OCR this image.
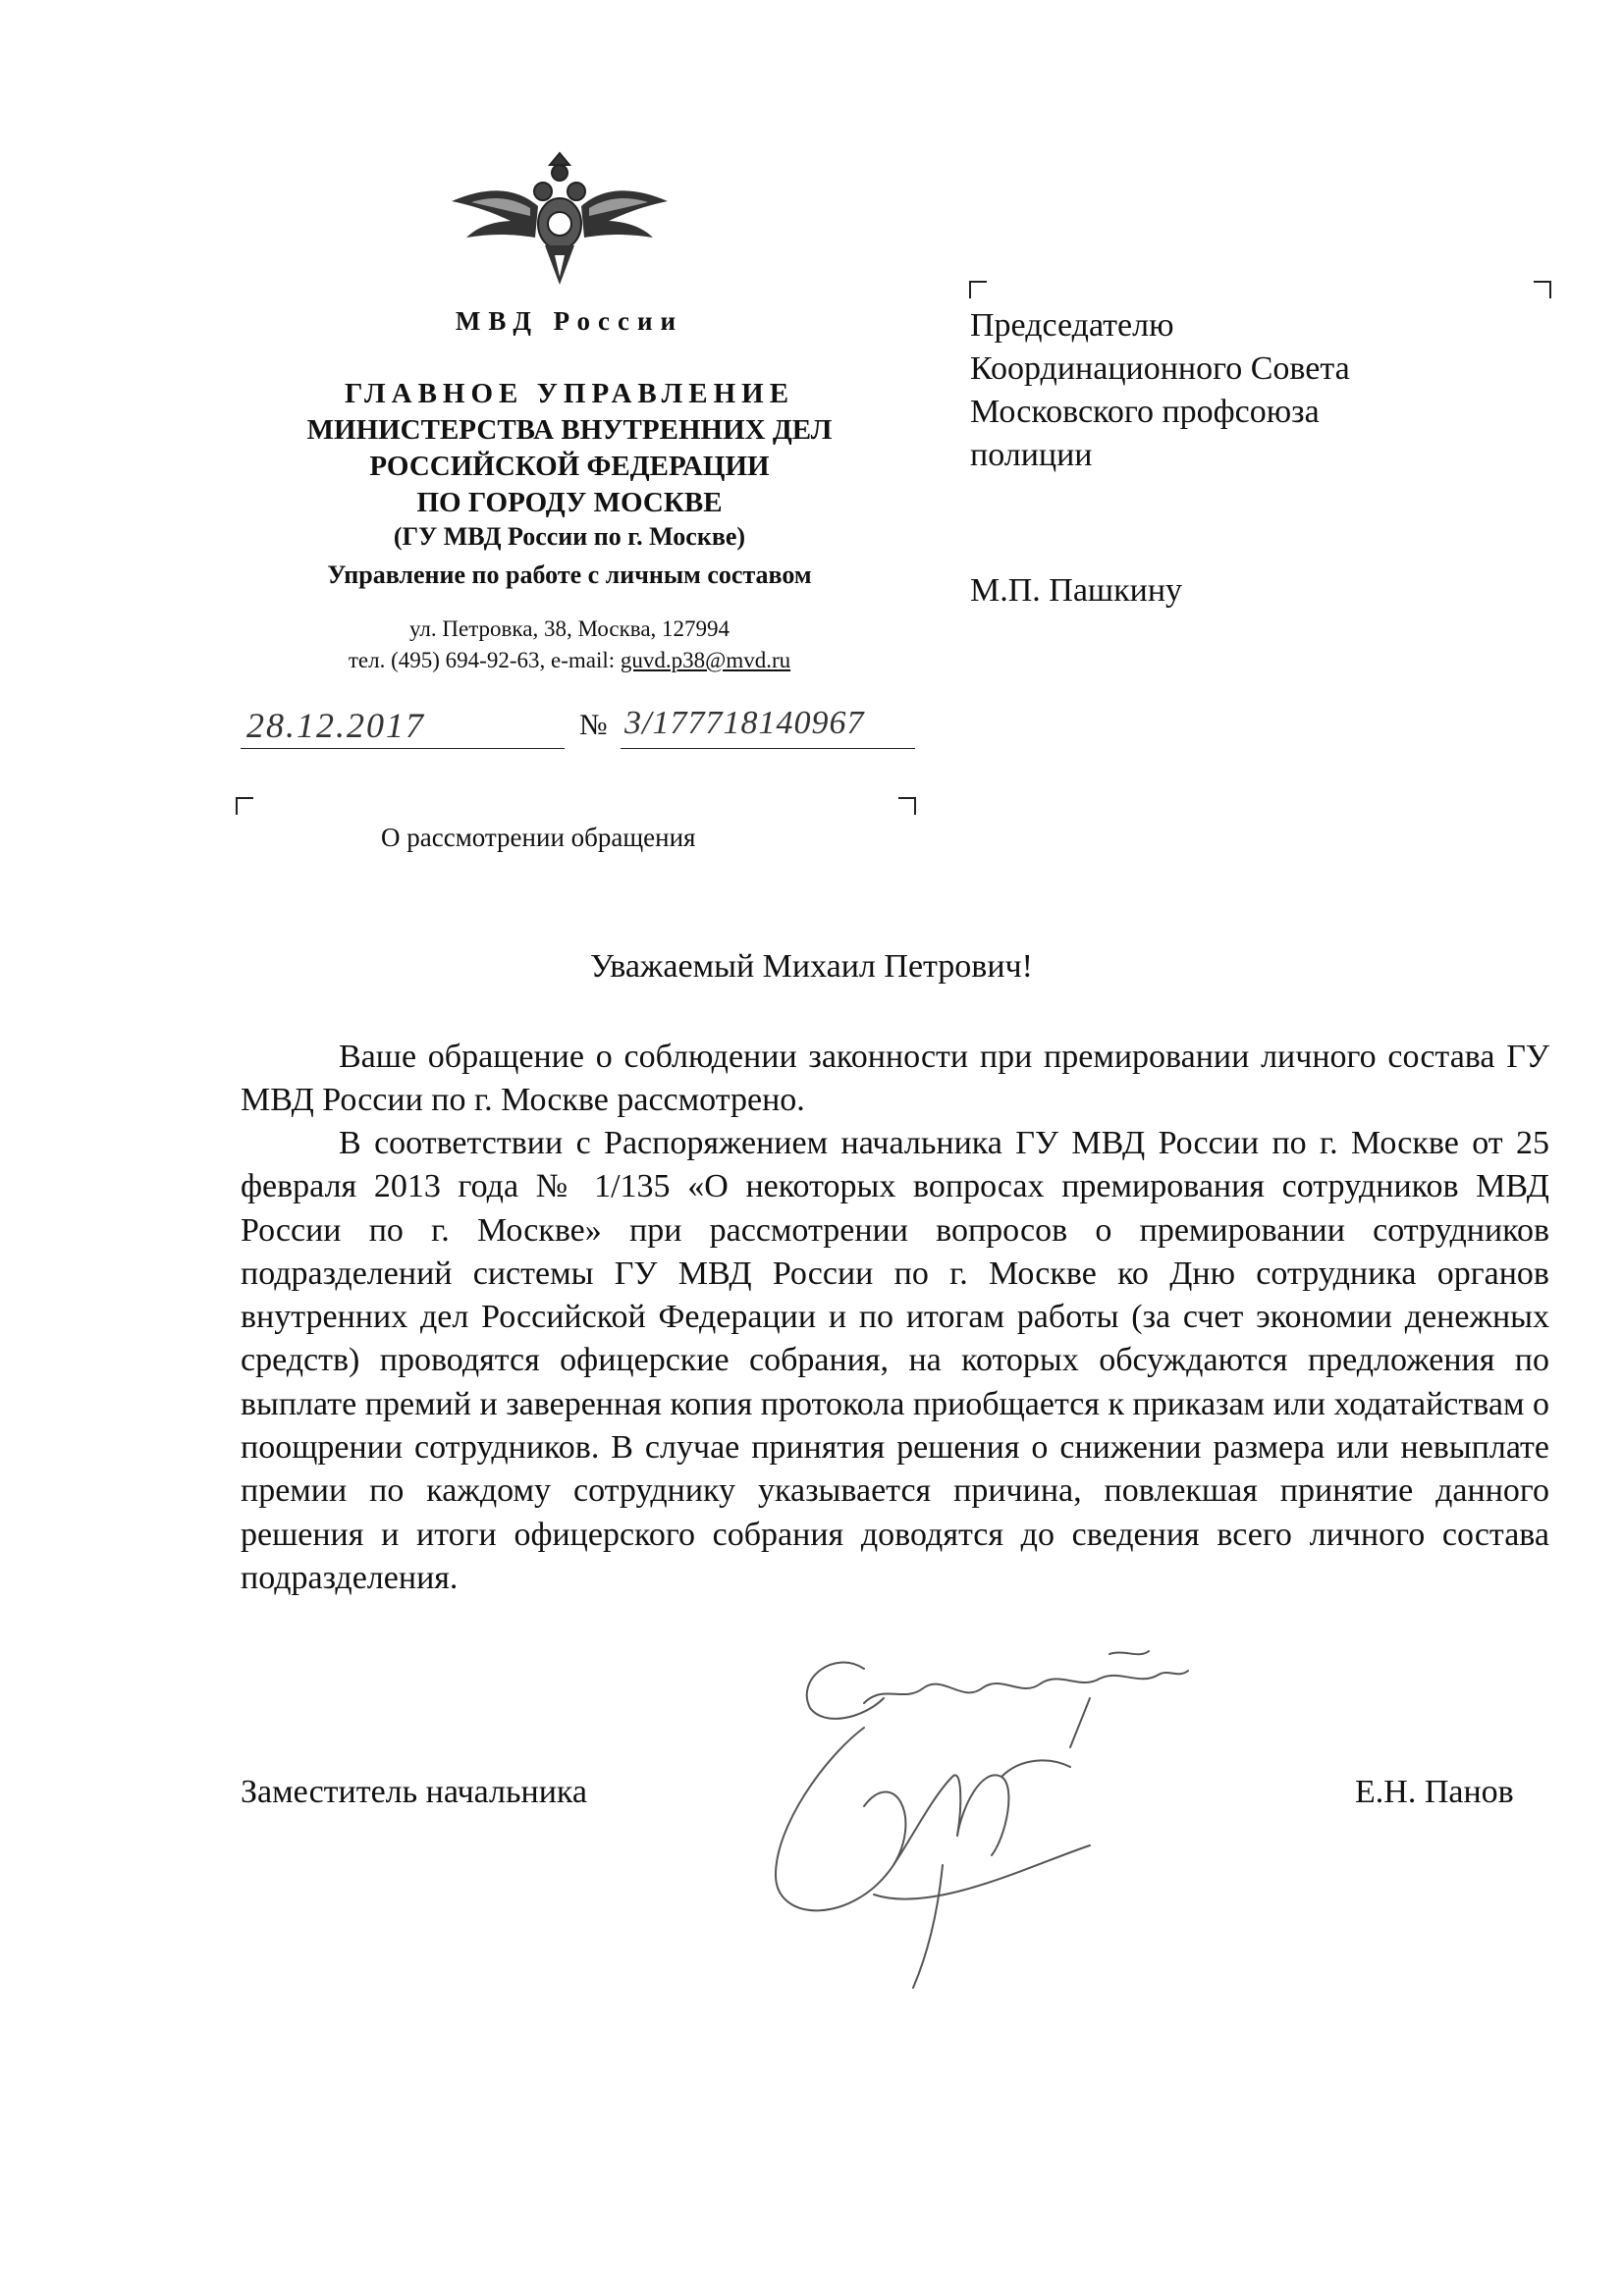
МВД России
ГЛАВНОЕ УПРАВЛЕНИЕ
МИНИСТЕРСТВА ВНУТРЕННИХ ДЕЛ
РОССИЙСКОЙ ФЕДЕРАЦИИ
ПО ГОРОДУ МОСКВЕ
(ГУ МВД России по г. Москве)
Управление по работе с личным составом
ул. Петровка, 38, Москва, 127994
тел. (495) 694-92-63, e-mail: guvd.p38@mvd.ru
28.12.2017	№ 3/177718140967
О рассмотрении обращения
Председателю
Координационного Совета
Московского профсоюза
полиции
М.П. Пашкину
Уважаемый Михаил Петрович!

Ваше обращение о соблюдении законности при премировании личного состава ГУ МВД России по г. Москве рассмотрено.

В соответствии с Распоряжением начальника ГУ МВД России по г. Москве от 25 февраля 2013 года № 1/135 «О некоторых вопросах премирования сотрудников МВД России по г. Москве» при рассмотрении вопросов о премировании сотрудников подразделений системы ГУ МВД России по г. Москве ко Дню сотрудника органов внутренних дел Российской Федерации и по итогам работы (за счет экономии денежных средств) проводятся офицерские собрания, на которых обсуждаются предложения по выплате премий и заверенная копия протокола приобщается к приказам или ходатайствам о поощрении сотрудников. В случае принятия решения о снижении размера или невыплате премии по каждому сотруднику указывается причина, повлекшая принятие данного решения и итоги офицерского собрания доводятся до сведения всего личного состава подразделения.

Заместитель начальника	Е.Н. Панов
